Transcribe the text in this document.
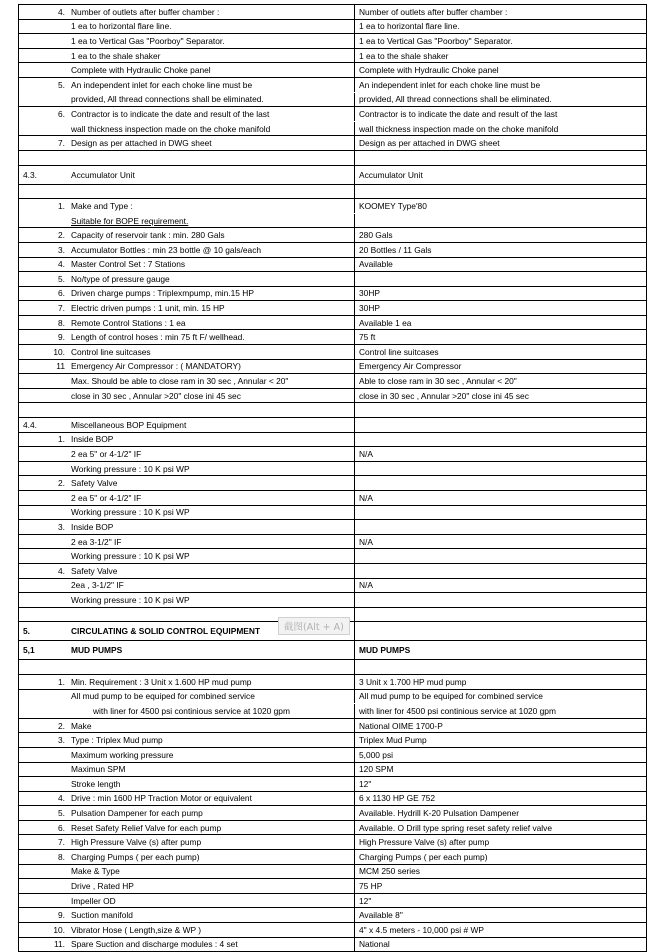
4. Number of outlets after buffer chamber :	Number of outlets after buffer chamber :
1 ea to horizontal flare line.	1 ea to horizontal flare line.
1 ea to Vertical Gas "Poorboy" Separator.	1 ea to Vertical Gas "Poorboy" Separator.
1 ea to the shale shaker	1 ea to the shale shaker
Complete with Hydraulic Choke panel	Complete with Hydraulic Choke panel
5. An independent inlet for each choke line must be	An independent inlet for each choke line must be
provided, All thread connections shall be eliminated.	provided, All thread connections shall be eliminated.
6. Contractor is to indicate the date and result of the last	Contractor is to indicate the date and result of the last
wall thickness inspection made on the choke manifold	wall thickness inspection made on the choke manifold
7. Design as per attached in DWG sheet	Design as per attached in DWG sheet
4.3.	Accumulator Unit	Accumulator Unit
1. Make and Type :	KOOMEY Type'80
Suitable for BOPE requirement.
2. Capacity of reservoir tank : min. 280 Gals	280 Gals
3. Accumulator Bottles : min 23 bottle @ 10 gals/each	20 Bottles / 11 Gals
4. Master Control Set : 7 Stations	Available
5. No/type of pressure gauge
6. Driven charge pumps : Triplexmpump, min.15 HP	30HP
7. Electric driven pumps : 1 unit, min. 15 HP	30HP
8. Remote Control Stations : 1 ea	Available 1 ea
9. Length of control hoses : min 75 ft F/ wellhead.	75 ft
10. Control line suitcases	Control line suitcases
11 Emergency Air Compressor : ( MANDATORY)	Emergency Air Compressor
Max. Should be able to close ram in 30 sec , Annular < 20"	Able to close ram in 30 sec , Annular < 20"
close in 30 sec , Annular >20" close ini 45 sec	close in 30 sec , Annular >20" close ini 45 sec
4.4.	Miscellaneous BOP Equipment
1. Inside BOP
2 ea 5" or 4-1/2" IF	N/A
Working pressure : 10 K psi WP
2. Safety Valve
2 ea 5" or 4-1/2" IF	N/A
Working pressure : 10 K psi WP
3. Inside BOP
2 ea 3-1/2" IF	N/A
Working pressure : 10 K psi WP
4. Safety Valve
2ea , 3-1/2" IF	N/A
Working pressure : 10 K psi WP
5.	CIRCULATING & SOLID CONTROL EQUIPMENT
5,1	MUD PUMPS	MUD PUMPS
1. Min. Requirement : 3 Unit x 1.600 HP mud pump	3 Unit x 1.700 HP mud pump
All mud pump to be equiped for combined service	All mud pump to be equiped for combined service
with liner for 4500 psi continious service at 1020 gpm	with liner for 4500 psi continious service at 1020 gpm
2. Make	National OIME 1700-P
3. Type : Triplex Mud pump	Triplex Mud Pump
Maximum working pressure	5,000 psi
Maximun SPM	120 SPM
Stroke length	12"
4. Drive : min 1600 HP Traction Motor or equivalent	6 x 1130 HP GE 752
5. Pulsation Dampener for each pump	Available. Hydrill K-20 Pulsation Dampener
6. Reset Safety Relief Valve for each pump	Available. O Drill type spring reset safety relief valve
7. High Pressure Valve (s) after pump	High Pressure Valve (s) after pump
8. Charging Pumps ( per each pump)	Charging Pumps ( per each pump)
Make & Type	MCM 250 series
Drive , Rated HP	75 HP
Impeller OD	12"
9. Suction manifold	Available 8"
10. Vibrator Hose ( Length,size & WP )	4" x 4.5 meters - 10,000 psi # WP
11. Spare Suction and discharge modules : 4 set	National
截图(Alt + A)
